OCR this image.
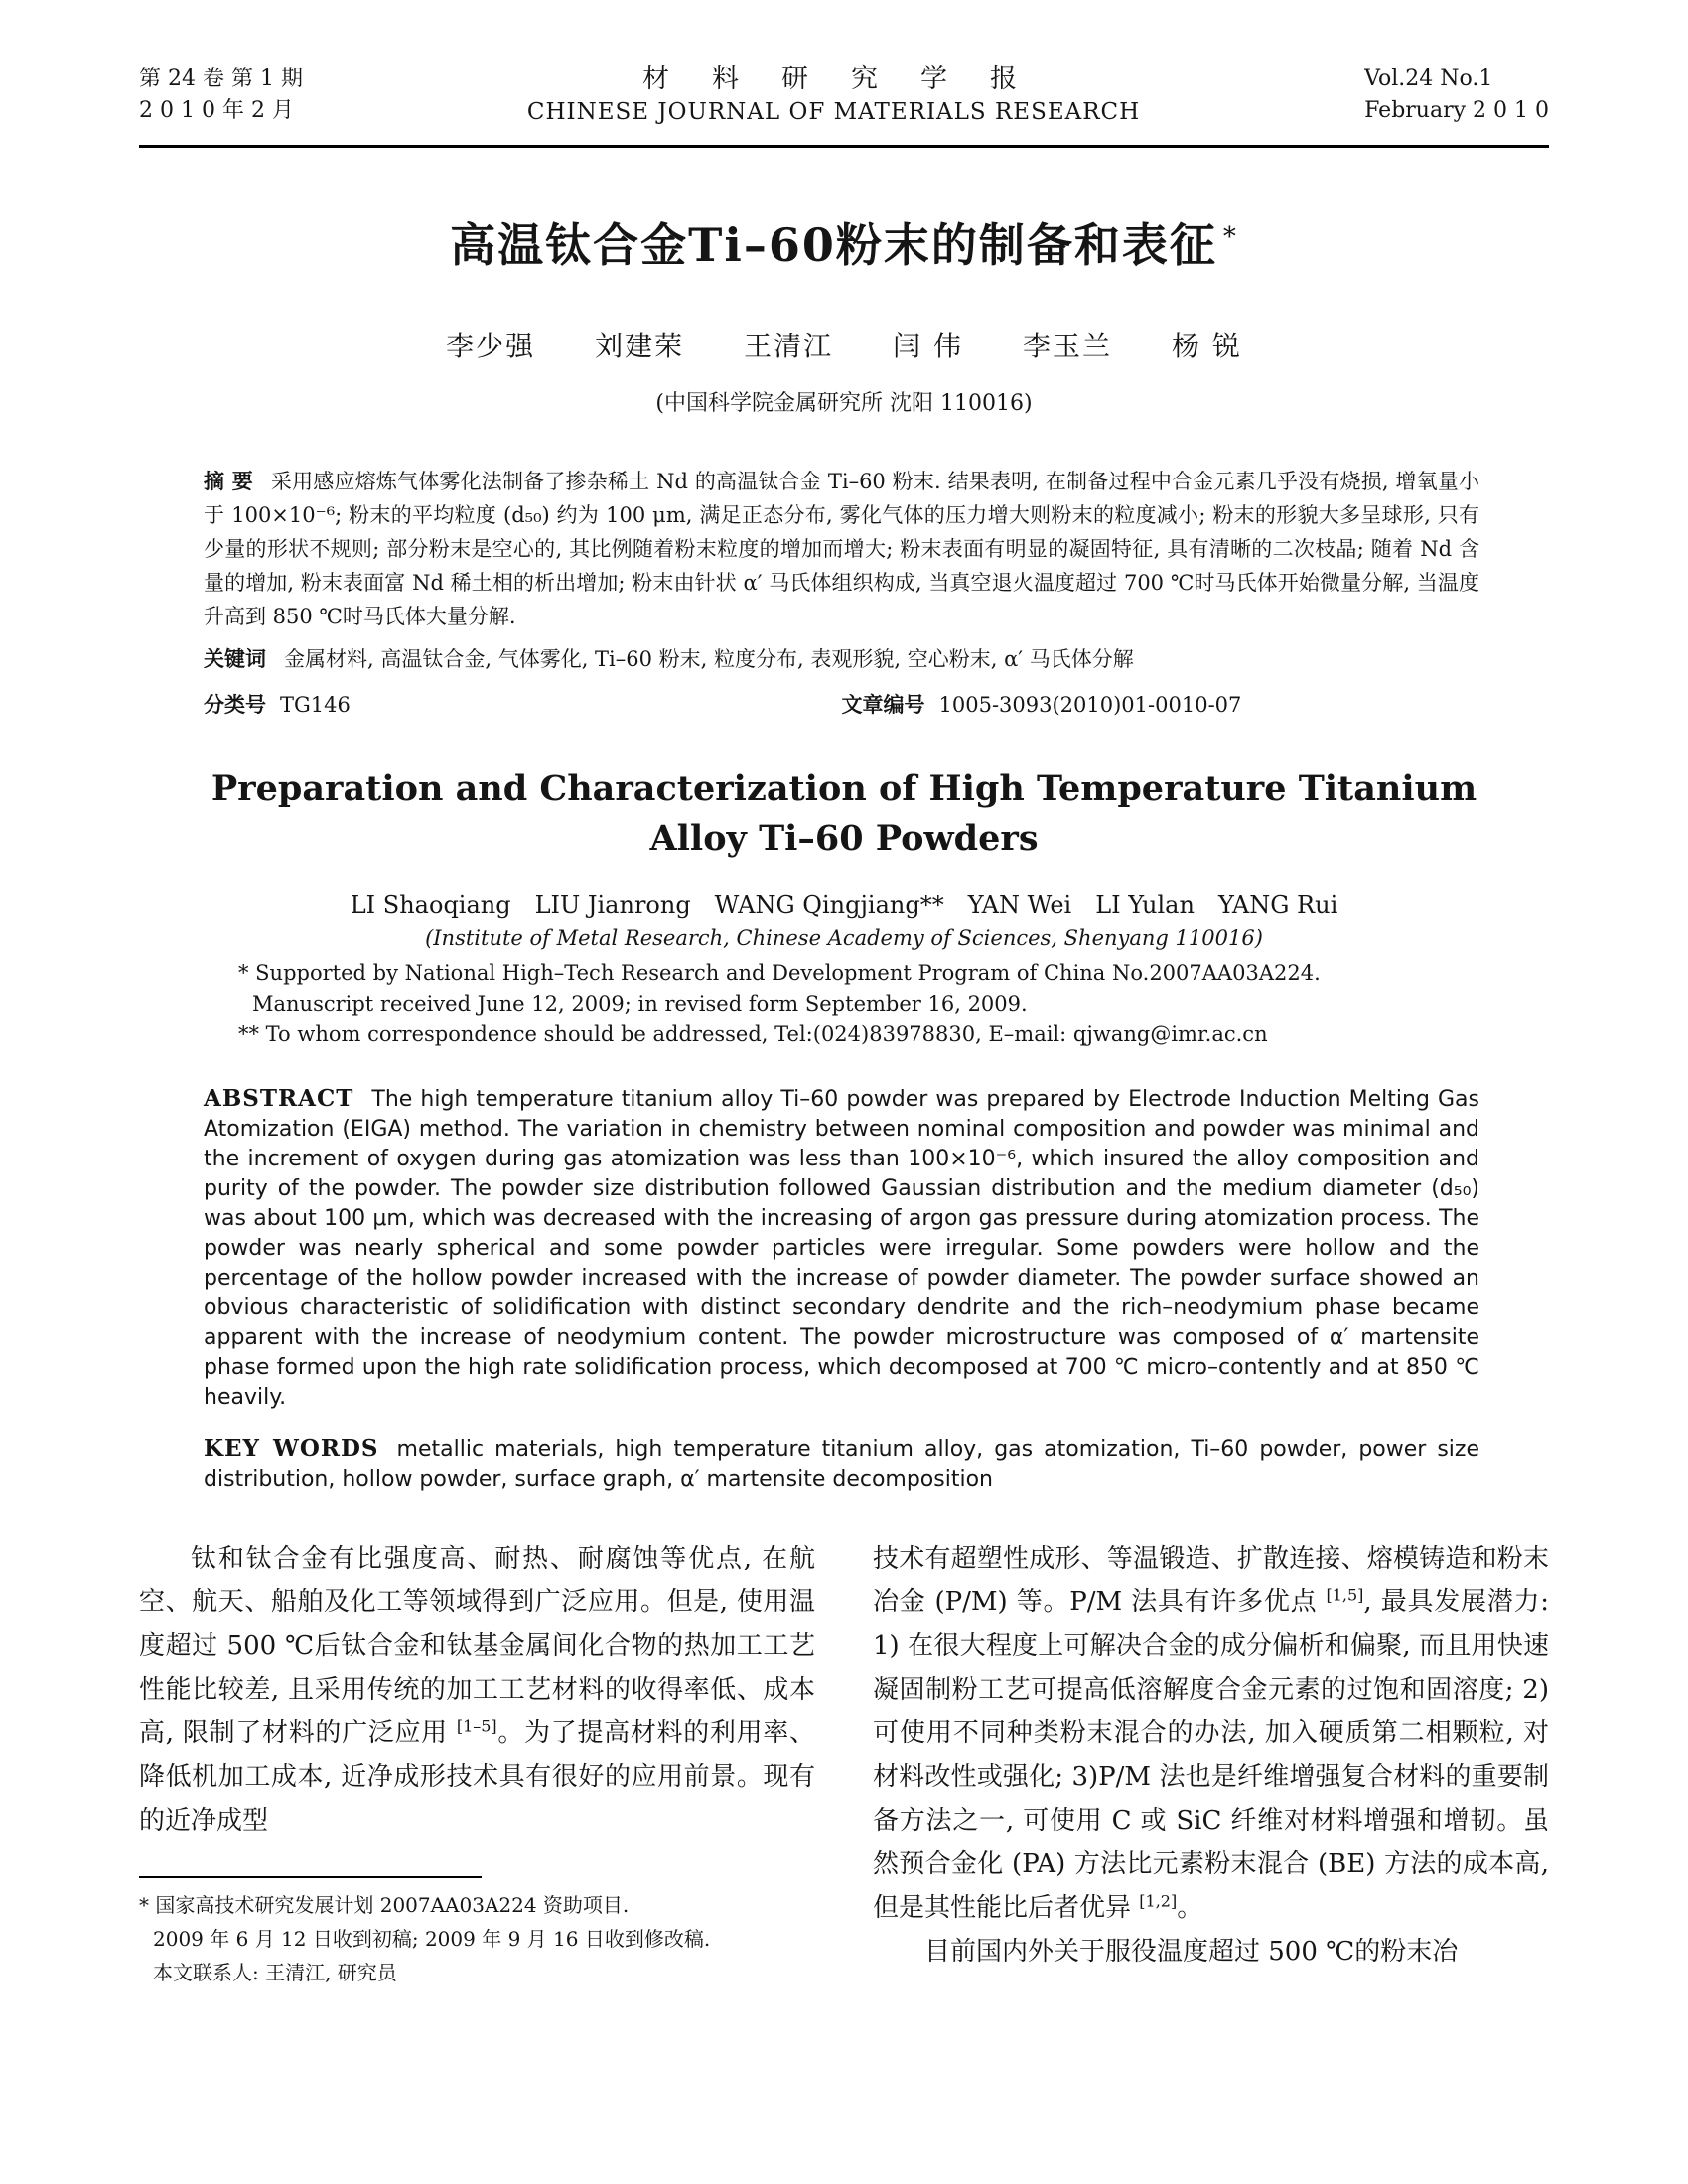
第 24 卷 第 1 期
2 0 1 0 年 2 月
材　料　研　究　学　报
CHINESE JOURNAL OF MATERIALS RESEARCH
Vol.24 No.1
February 2 0 1 0
高温钛合金Ti–60粉末的制备和表征 *
李少强　　刘建荣　　王清江　　闫 伟　　李玉兰　　杨 锐
(中国科学院金属研究所 沈阳 110016)

摘 要 采用感应熔炼气体雾化法制备了掺杂稀土 Nd 的高温钛合金 Ti–60 粉末. 结果表明, 在制备过程中合金元素几乎没有烧损, 增氧量小于 100×10⁻⁶; 粉末的平均粒度 (d₅₀) 约为 100 μm, 满足正态分布, 雾化气体的压力增大则粉末的粒度减小; 粉末的形貌大多呈球形, 只有少量的形状不规则; 部分粉末是空心的, 其比例随着粉末粒度的增加而增大; 粉末表面有明显的凝固特征, 具有清晰的二次枝晶; 随着 Nd 含量的增加, 粉末表面富 Nd 稀土相的析出增加; 粉末由针状 α′ 马氏体组织构成, 当真空退火温度超过 700 ℃时马氏体开始微量分解, 当温度升高到 850 ℃时马氏体大量分解.

关键词 金属材料, 高温钛合金, 气体雾化, Ti–60 粉末, 粒度分布, 表观形貌, 空心粉末, α′ 马氏体分解

分类号 TG146	文章编号 1005-3093(2010)01-0010-07
Preparation and Characterization of High Temperature Titanium
Alloy Ti–60 Powders
LI Shaoqiang　LIU Jianrong　WANG Qingjiang**　YAN Wei　LI Yulan　YANG Rui
(Institute of Metal Research, Chinese Academy of Sciences, Shenyang 110016)
* Supported by National High–Tech Research and Development Program of China No.2007AA03A224.
Manuscript received June 12, 2009; in revised form September 16, 2009.
** To whom correspondence should be addressed, Tel:(024)83978830, E–mail: qjwang@imr.ac.cn

ABSTRACT The high temperature titanium alloy Ti–60 powder was prepared by Electrode Induction Melting Gas Atomization (EIGA) method. The variation in chemistry between nominal composition and powder was minimal and the increment of oxygen during gas atomization was less than 100×10⁻⁶, which insured the alloy composition and purity of the powder. The powder size distribution followed Gaussian distribution and the medium diameter (d₅₀) was about 100 μm, which was decreased with the increasing of argon gas pressure during atomization process. The powder was nearly spherical and some powder particles were irregular. Some powders were hollow and the percentage of the hollow powder increased with the increase of powder diameter. The powder surface showed an obvious characteristic of solidification with distinct secondary dendrite and the rich–neodymium phase became apparent with the increase of neodymium content. The powder microstructure was composed of α′ martensite phase formed upon the high rate solidification process, which decomposed at 700 ℃ micro–contently and at 850 ℃ heavily.

KEY WORDS metallic materials, high temperature titanium alloy, gas atomization, Ti–60 powder, power size distribution, hollow powder, surface graph, α′ martensite decomposition

钛和钛合金有比强度高、耐热、耐腐蚀等优点, 在航空、航天、船舶及化工等领域得到广泛应用。但是, 使用温度超过 500 ℃后钛合金和钛基金属间化合物的热加工工艺性能比较差, 且采用传统的加工工艺材料的收得率低、成本高, 限制了材料的广泛应用 [1–5]。为了提高材料的利用率、降低机加工成本, 近净成形技术具有很好的应用前景。现有的近净成型

* 国家高技术研究发展计划 2007AA03A224 资助项目.
2009 年 6 月 12 日收到初稿; 2009 年 9 月 16 日收到修改稿.
本文联系人: 王清江, 研究员

技术有超塑性成形、等温锻造、扩散连接、熔模铸造和粉末冶金 (P/M) 等。P/M 法具有许多优点 [1,5], 最具发展潜力: 1) 在很大程度上可解决合金的成分偏析和偏聚, 而且用快速凝固制粉工艺可提高低溶解度合金元素的过饱和固溶度; 2) 可使用不同种类粉末混合的办法, 加入硬质第二相颗粒, 对材料改性或强化; 3)P/M 法也是纤维增强复合材料的重要制备方法之一, 可使用 C 或 SiC 纤维对材料增强和增韧。虽然预合金化 (PA) 方法比元素粉末混合 (BE) 方法的成本高, 但是其性能比后者优异 [1,2]。

目前国内外关于服役温度超过 500 ℃的粉末冶
